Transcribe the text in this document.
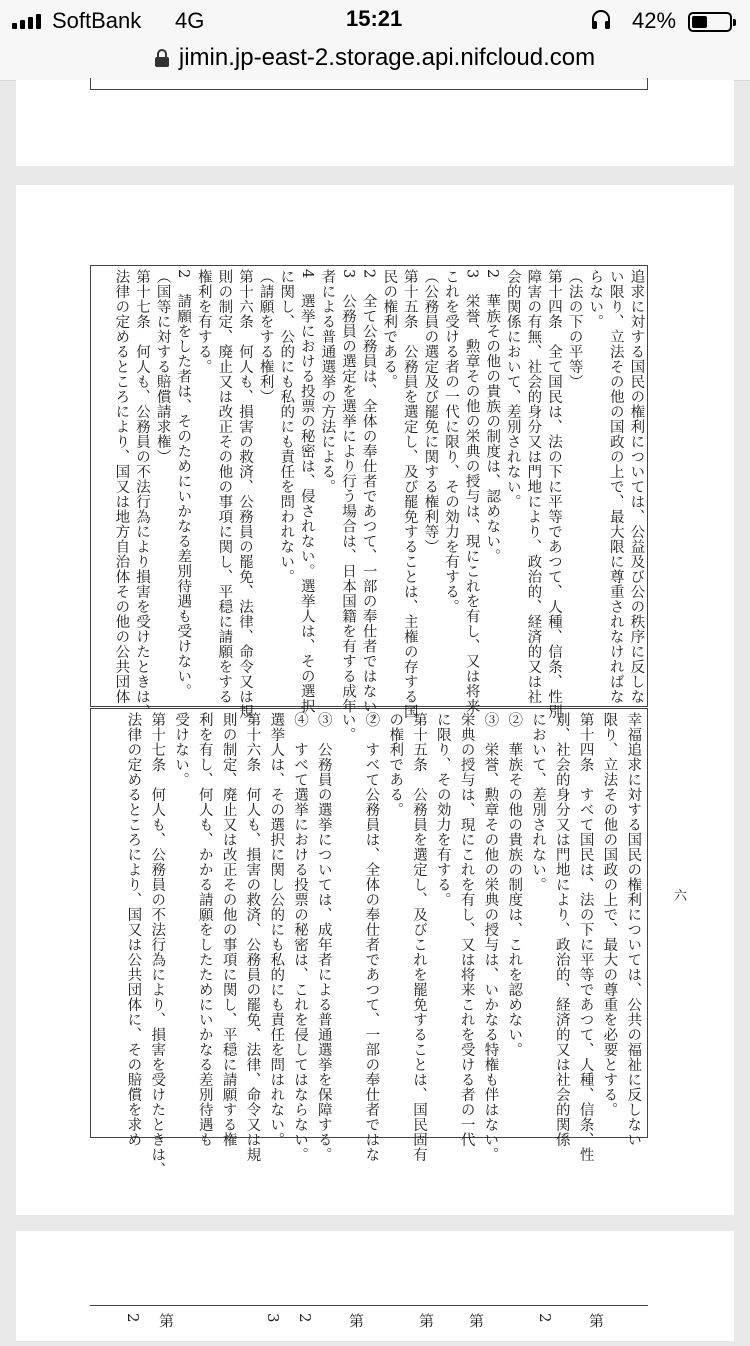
SoftBank 4G	15:21	42%
jimin.jp-east-2.storage.api.nifcloud.com
追求に対する国民の権利については、公益及び公の秩序に反しな
い限り、立法その他の国政の上で、最大限に尊重されなければな
らない。
（法の下の平等）
第十四条　全て国民は、法の下に平等であつて、人種、信条、性別、
障害の有無、社会的身分又は門地により、政治的、経済的又は社
会的関係において、差別されない。
2　華族その他の貴族の制度は、認めない。
3　栄誉、勲章その他の栄典の授与は、現にこれを有し、又は将来
これを受ける者の一代に限り、その効力を有する。
（公務員の選定及び罷免に関する権利等）
第十五条　公務員を選定し、及び罷免することは、主権の存する国
民の権利である。
2　全て公務員は、全体の奉仕者であつて、一部の奉仕者ではない。
3　公務員の選定を選挙により行う場合は、日本国籍を有する成年
者による普通選挙の方法による。
4　選挙における投票の秘密は、侵されない。選挙人は、その選択
に関し、公的にも私的にも責任を問われない。
（請願をする権利）
第十六条　何人も、損害の救済、公務員の罷免、法律、命令又は規
則の制定、廃止又は改正その他の事項に関し、平穏に請願をする
権利を有する。
2　請願をした者は、そのためにいかなる差別待遇も受けない。
（国等に対する賠償請求権）
第十七条　何人も、公務員の不法行為により損害を受けたときは、
法律の定めるところにより、国又は地方自治体その他の公共団体
幸福追求に対する国民の権利については、公共の福祉に反しない
限り、立法その他の国政の上で、最大の尊重を必要とする。
第十四条　すべて国民は、法の下に平等であつて、人種、信条、性
別、社会的身分又は門地により、政治的、経済的又は社会的関係
において、差別されない。
②　華族その他の貴族の制度は、これを認めない。
③　栄誉、勲章その他の栄典の授与は、いかなる特権も伴はない。
栄典の授与は、現にこれを有し、又は将来これを受ける者の一代
に限り、その効力を有する。
第十五条　公務員を選定し、及びこれを罷免することは、国民固有
の権利である。
②　すべて公務員は、全体の奉仕者であつて、一部の奉仕者ではな
い。
③　公務員の選挙については、成年者による普通選挙を保障する。
④　すべて選挙における投票の秘密は、これを侵してはならない。
選挙人は、その選択に関し公的にも私的にも責任を問はれない。
第十六条　何人も、損害の救済、公務員の罷免、法律、命令又は規
則の制定、廃止又は改正その他の事項に関し、平穏に請願する権
利を有し、何人も、かかる請願をしたためにいかなる差別待遇も
受けない。
第十七条　何人も、公務員の不法行為により、損害を受けたときは、
法律の定めるところにより、国又は公共団体に、その賠償を求め	六
2 第	3 2 第	第 第	2 第
